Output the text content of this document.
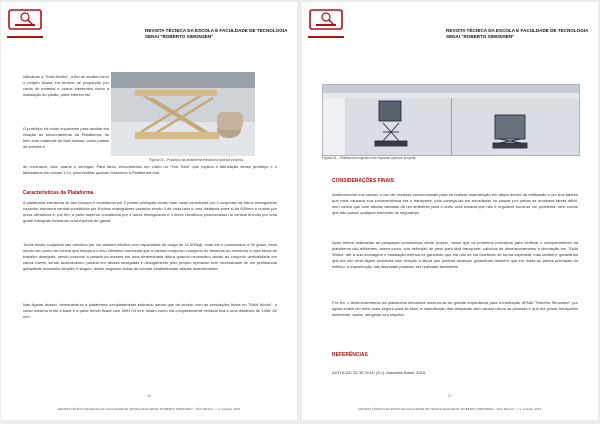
REVISTA TÉCNICA DA ESCOLA E FACULDADE DE TECNOLOGIA
SENAI "ROBERTO SIMONSEN"

utilizando o "Solid Works", a fim de avaliar como o projeto ficaria em termos de proporção por conta do material e outros elementos como a instalação do pistão, parte elétrica etc.

O protótipo foi muito importante para auxiliar em relação ao funcionamento da Plataforma, foi feito com materiais de fácil acesso, como palitos de sorvete e

Figura 03 – Protótipo da plataforma elevatória (autoria própria).

de churrasco, cola, arame e seringas. Para tanto, encontramos um vídeo no "You Tube" que explica a fabricação desse protótipo e o fabricamos em escala 1:10, para facilitar quando fôssemos a Plataforma real.

Características da Plataforma

A plataforma elevatória do tipo tesoura é constituída por 3 partes principais sendo elas: base constituída por 4 conjuntos de tubos retangulares vazados; estrutura central constituída por 8 tubos retangulares vazados sendo 4 de cada lado e uma distância entre si de 600mm e unidos por eixos cilíndricos e, por fim, a parte superior constituída por 4 tubos retangulares e 4 eixos cilíndricos posicionados na vertical envolto por uma grade triangular formando uma espécie de gaiola.

Todos esses conjuntos são movidos por um atuador elétrico com capacidade de carga de 12.000kgf, onde ele é posicionado a 30 graus, esse sendo seu ponto de inércia que empurra o eixo cilíndrico horizontal que o mesmo empurra o conjunto de tesouras ao movendo a uma altura de trabalho desejada, sendo possível a parada da mesma em uma determinada altura quando necessário dando ao conjunto verticalidade em vários níveis, sendo acionamento, parada em alturas desejadas e desligamento pelo próprio operador sem necessidade de um profissional gabaritado manuseio simples e seguro, assim seguindo todas as normas estabelecidas citadas anteriormente.

Nas figuras abaixo, demonstra-se a plataforma completamente esticada, sendo que de acordo com as simulações feitas no "Solid Works", o curso máximo entre a base e a parte móvel ficará com 2891,04 mm. Assim como ela completamente retraída fica a uma distância de 1406, 62 mm.

16
REVISTA TÉCNICA DA ESCOLA E FACULDADE DE TECNOLOGIA SENAI "ROBERTO SIMONSEN" - SÃO PAULO - v. 3, maio/jul. 2016
REVISTA TÉCNICA DA ESCOLA E FACULDADE DE TECNOLOGIA
SENAI "ROBERTO SIMONSEN"

Figura 04 – Plataforma erguida e em repouso (autoria própria).

CONSIDERAÇÕES FINAIS

Anteriormente era preciso o uso de escadas convencionais para se realizar manutenção em altura dentro da edificação e um dos fatores que mais causava sua inconveniência era o transporte, pois carregá-las em escadarias ou passar por portas se mostrava tarefa difícil, sem contar que com alturas variadas de um ambiente para o outro uma escada que não é regulável torna-se um problema, sem contar que não possui qualquer elemento de segurança.

Após serem realizadas as pesquisas construtivas deste projeto, vimos que os primeiros protótipos para verificar o comportamento da plataforma são eficientes, assim como, sua definição de peso para fácil transporte, cálculos de dimensionamento e simulação em "Solid Works" até a sua montagem e instalação elétrica foi garantido que ela não só iria funcionar de forma esperada, mas também, garantindo que ela não teria algum problema com relação à altura que poderia alcançar, garantindo também que em todas as partes principais do edifício, a manutenção das lâmpadas pudesse ser realizada facilmente.

Por fim, o desenvolvimento da plataforma elevatória mostrou-se de grande importância para a instituição SENAI "Roberto Simonsen" por agora existir um meio mais seguro para se fazer a manutenção das lâmpadas sem causar riscos as pessoas e que ela possa transportar facilmente, assim, atingindo seu objetivo.

REFERÊNCIAS

AUTOCAD 2D 3D 2016. [S.l.]: Autodesk Brasil, 2016.

17
REVISTA TÉCNICA DA ESCOLA E FACULDADE DE TECNOLOGIA SENAI "ROBERTO SIMONSEN" - SÃO PAULO - v. 3, maio/jul. 2016
